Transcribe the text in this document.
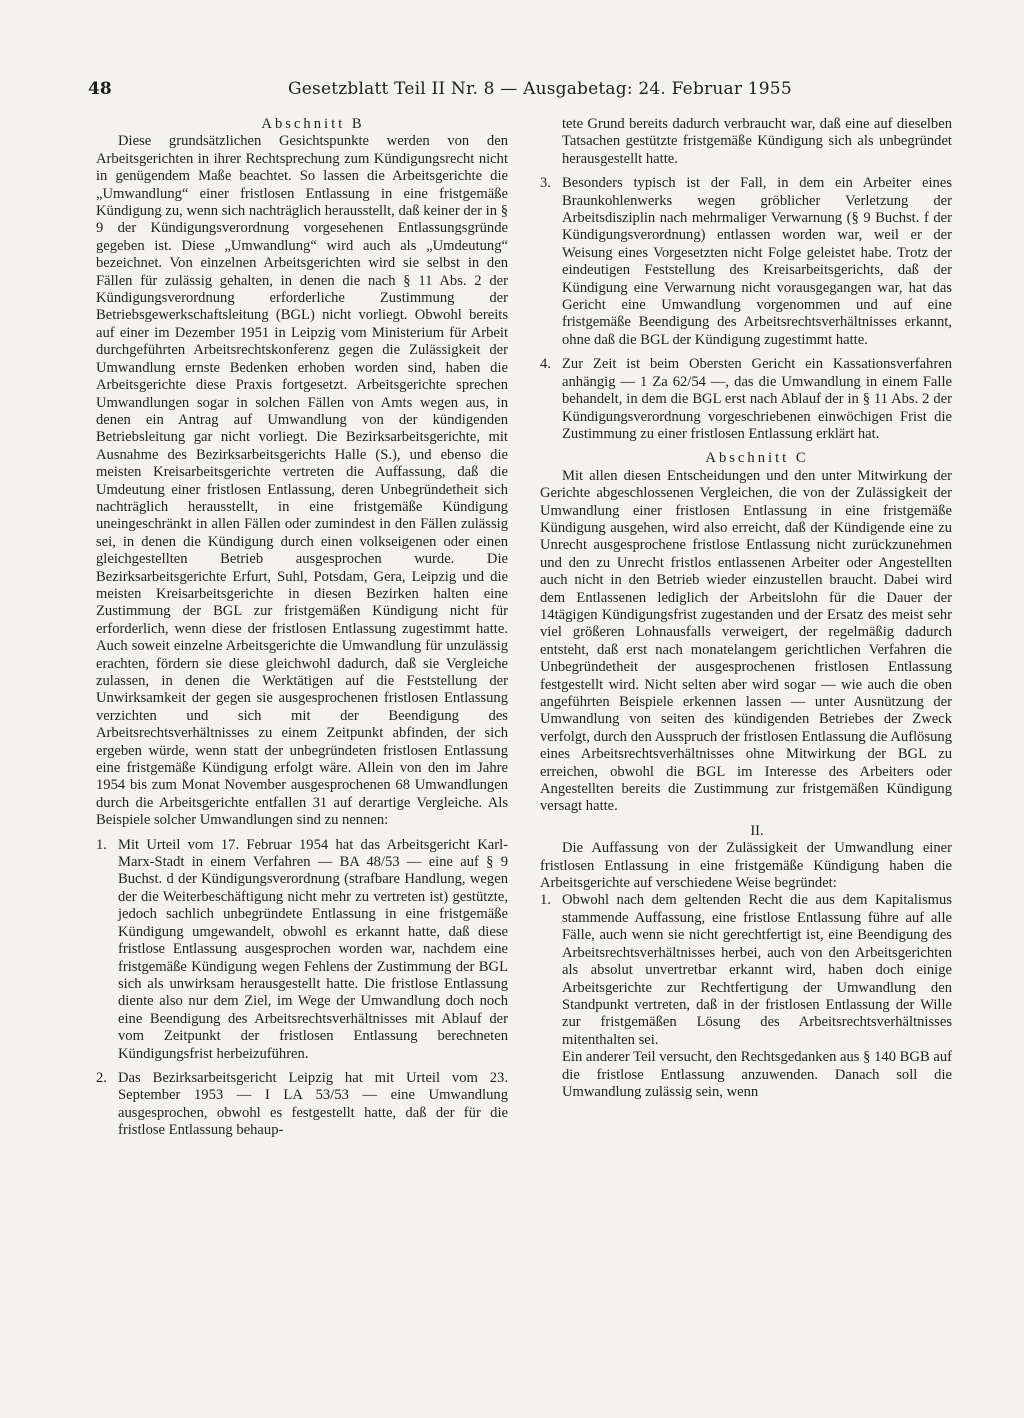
48	Gesetzblatt Teil II Nr. 8 — Ausgabetag: 24. Februar 1955

Abschnitt B

Diese grundsätzlichen Gesichtspunkte werden von den Arbeitsgerichten in ihrer Rechtsprechung zum Kündigungsrecht nicht in genügendem Maße beachtet. So lassen die Arbeitsgerichte die „Umwandlung“ einer fristlosen Entlassung in eine fristgemäße Kündigung zu, wenn sich nachträglich herausstellt, daß keiner der in § 9 der Kündigungsverordnung vorgesehenen Entlassungsgründe gegeben ist. Diese „Umwandlung“ wird auch als „Umdeutung“ bezeichnet. Von einzelnen Arbeitsgerichten wird sie selbst in den Fällen für zulässig gehalten, in denen die nach § 11 Abs. 2 der Kündigungsverordnung erforderliche Zustimmung der Betriebsgewerkschaftsleitung (BGL) nicht vorliegt. Obwohl bereits auf einer im Dezember 1951 in Leipzig vom Ministerium für Arbeit durchgeführten Arbeitsrechtskonferenz gegen die Zulässigkeit der Umwandlung ernste Bedenken erhoben worden sind, haben die Arbeitsgerichte diese Praxis fortgesetzt. Arbeitsgerichte sprechen Umwandlungen sogar in solchen Fällen von Amts wegen aus, in denen ein Antrag auf Umwandlung von der kündigenden Betriebsleitung gar nicht vorliegt. Die Bezirksarbeitsgerichte, mit Ausnahme des Bezirksarbeitsgerichts Halle (S.), und ebenso die meisten Kreisarbeitsgerichte vertreten die Auffassung, daß die Umdeutung einer fristlosen Entlassung, deren Unbegründetheit sich nachträglich herausstellt, in eine fristgemäße Kündigung uneingeschränkt in allen Fällen oder zumindest in den Fällen zulässig sei, in denen die Kündigung durch einen volkseigenen oder einen gleichgestellten Betrieb ausgesprochen wurde. Die Bezirksarbeitsgerichte Erfurt, Suhl, Potsdam, Gera, Leipzig und die meisten Kreisarbeitsgerichte in diesen Bezirken halten eine Zustimmung der BGL zur fristgemäßen Kündigung nicht für erforderlich, wenn diese der fristlosen Entlassung zugestimmt hatte. Auch soweit einzelne Arbeitsgerichte die Umwandlung für unzulässig erachten, fördern sie diese gleichwohl dadurch, daß sie Vergleiche zulassen, in denen die Werktätigen auf die Feststellung der Unwirksamkeit der gegen sie ausgesprochenen fristlosen Entlassung verzichten und sich mit der Beendigung des Arbeitsrechtsverhältnisses zu einem Zeitpunkt abfinden, der sich ergeben würde, wenn statt der unbegründeten fristlosen Entlassung eine fristgemäße Kündigung erfolgt wäre. Allein von den im Jahre 1954 bis zum Monat November ausgesprochenen 68 Umwandlungen durch die Arbeitsgerichte entfallen 31 auf derartige Vergleiche. Als Beispiele solcher Umwandlungen sind zu nennen:

1. Mit Urteil vom 17. Februar 1954 hat das Arbeitsgericht Karl-Marx-Stadt in einem Verfahren — BA 48/53 — eine auf § 9 Buchst. d der Kündigungsverordnung (strafbare Handlung, wegen der die Weiterbeschäftigung nicht mehr zu vertreten ist) gestützte, jedoch sachlich unbegründete Entlassung in eine fristgemäße Kündigung umgewandelt, obwohl es erkannt hatte, daß diese fristlose Entlassung ausgesprochen worden war, nachdem eine fristgemäße Kündigung wegen Fehlens der Zustimmung der BGL sich als unwirksam herausgestellt hatte. Die fristlose Entlassung diente also nur dem Ziel, im Wege der Umwandlung doch noch eine Beendigung des Arbeitsrechtsverhältnisses mit Ablauf der vom Zeitpunkt der fristlosen Entlassung berechneten Kündigungsfrist herbeizuführen.
2. Das Bezirksarbeitsgericht Leipzig hat mit Urteil vom 23. September 1953 — I LA 53/53 — eine Umwandlung ausgesprochen, obwohl es festgestellt hatte, daß der für die fristlose Entlassung behaup-

tete Grund bereits dadurch verbraucht war, daß eine auf dieselben Tatsachen gestützte fristgemäße Kündigung sich als unbegründet herausgestellt hatte.

3. Besonders typisch ist der Fall, in dem ein Arbeiter eines Braunkohlenwerks wegen gröblicher Verletzung der Arbeitsdisziplin nach mehrmaliger Verwarnung (§ 9 Buchst. f der Kündigungsverordnung) entlassen worden war, weil er der Weisung eines Vorgesetzten nicht Folge geleistet habe. Trotz der eindeutigen Feststellung des Kreisarbeitsgerichts, daß der Kündigung eine Verwarnung nicht vorausgegangen war, hat das Gericht eine Umwandlung vorgenommen und auf eine fristgemäße Beendigung des Arbeitsrechtsverhältnisses erkannt, ohne daß die BGL der Kündigung zugestimmt hatte.
4. Zur Zeit ist beim Obersten Gericht ein Kassationsverfahren anhängig — 1 Za 62/54 —, das die Umwandlung in einem Falle behandelt, in dem die BGL erst nach Ablauf der in § 11 Abs. 2 der Kündigungsverordnung vorgeschriebenen einwöchigen Frist die Zustimmung zu einer fristlosen Entlassung erklärt hat.

Abschnitt C

Mit allen diesen Entscheidungen und den unter Mitwirkung der Gerichte abgeschlossenen Vergleichen, die von der Zulässigkeit der Umwandlung einer fristlosen Entlassung in eine fristgemäße Kündigung ausgehen, wird also erreicht, daß der Kündigende eine zu Unrecht ausgesprochene fristlose Entlassung nicht zurückzunehmen und den zu Unrecht fristlos entlassenen Arbeiter oder Angestellten auch nicht in den Betrieb wieder einzustellen braucht. Dabei wird dem Entlassenen lediglich der Arbeitslohn für die Dauer der 14tägigen Kündigungsfrist zugestanden und der Ersatz des meist sehr viel größeren Lohnausfalls verweigert, der regelmäßig dadurch entsteht, daß erst nach monatelangem gerichtlichen Verfahren die Unbegründetheit der ausgesprochenen fristlosen Entlassung festgestellt wird. Nicht selten aber wird sogar — wie auch die oben angeführten Beispiele erkennen lassen — unter Ausnützung der Umwandlung von seiten des kündigenden Betriebes der Zweck verfolgt, durch den Ausspruch der fristlosen Entlassung die Auflösung eines Arbeitsrechtsverhältnisses ohne Mitwirkung der BGL zu erreichen, obwohl die BGL im Interesse des Arbeiters oder Angestellten bereits die Zustimmung zur fristgemäßen Kündigung versagt hatte.

II.

Die Auffassung von der Zulässigkeit der Umwandlung einer fristlosen Entlassung in eine fristgemäße Kündigung haben die Arbeitsgerichte auf verschiedene Weise begründet:

1. Obwohl nach dem geltenden Recht die aus dem Kapitalismus stammende Auffassung, eine fristlose Entlassung führe auf alle Fälle, auch wenn sie nicht gerechtfertigt ist, eine Beendigung des Arbeitsrechtsverhältnisses herbei, auch von den Arbeitsgerichten als absolut unvertretbar erkannt wird, haben doch einige Arbeitsgerichte zur Rechtfertigung der Umwandlung den Standpunkt vertreten, daß in der fristlosen Entlassung der Wille zur fristgemäßen Lösung des Arbeitsrechtsverhältnisses mitenthalten sei.

Ein anderer Teil versucht, den Rechtsgedanken aus § 140 BGB auf die fristlose Entlassung anzuwenden. Danach soll die Umwandlung zulässig sein, wenn
